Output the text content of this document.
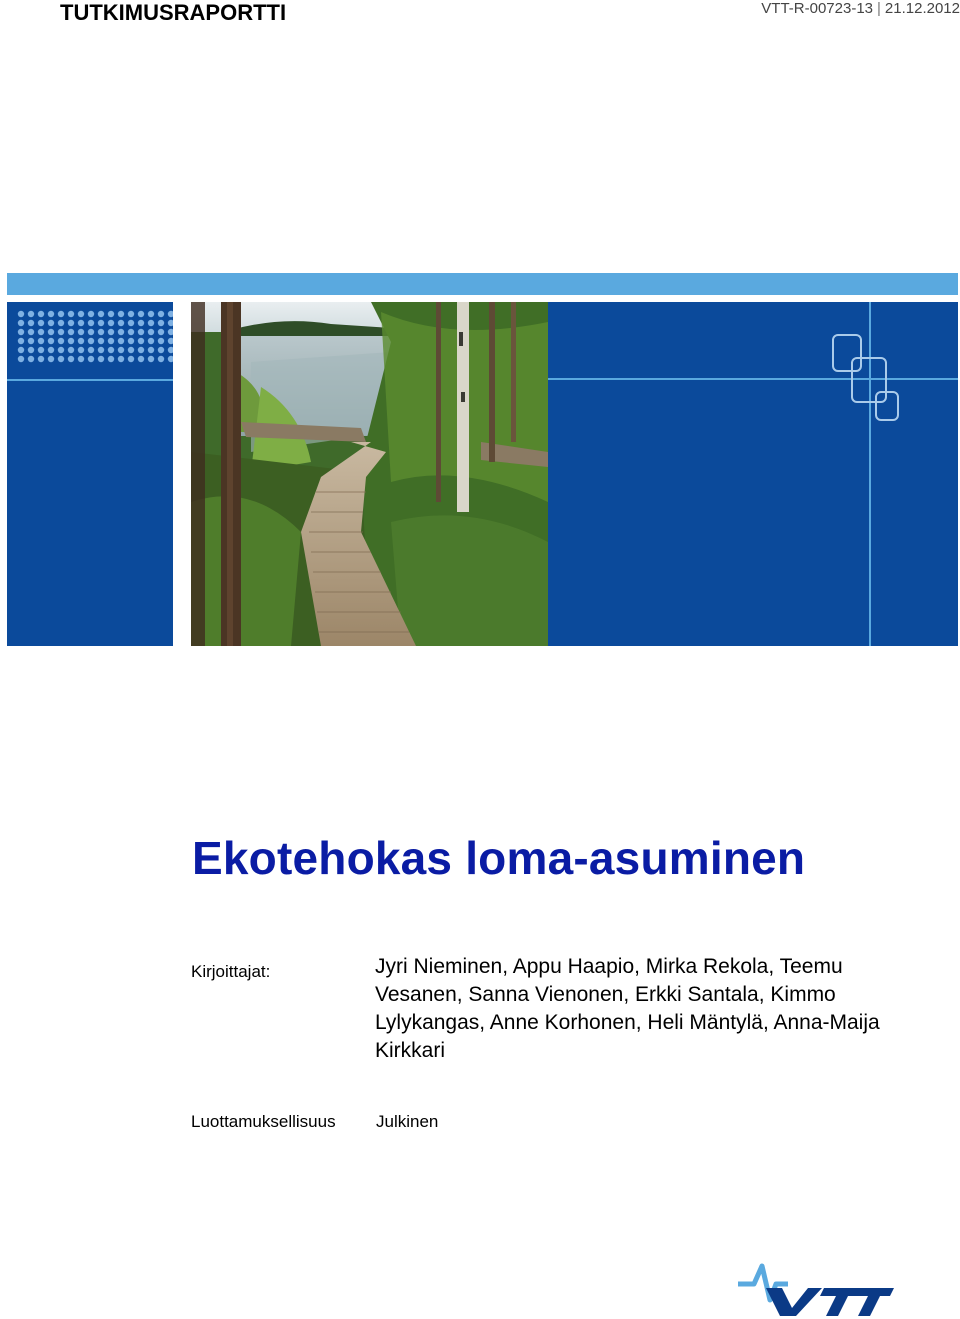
TUTKIMUSRAPORTTI	VTT-R-00723-13 | 21.12.2012
Ekotehokas loma-asuminen
Kirjoittajat:	Jyri Nieminen, Appu Haapio, Mirka Rekola, Teemu Vesanen, Sanna Vienonen, Erkki Santala, Kimmo Lylykangas, Anne Korhonen, Heli Mäntylä, Anna-Maija Kirkkari
Luottamuksellisuus Julkinen
